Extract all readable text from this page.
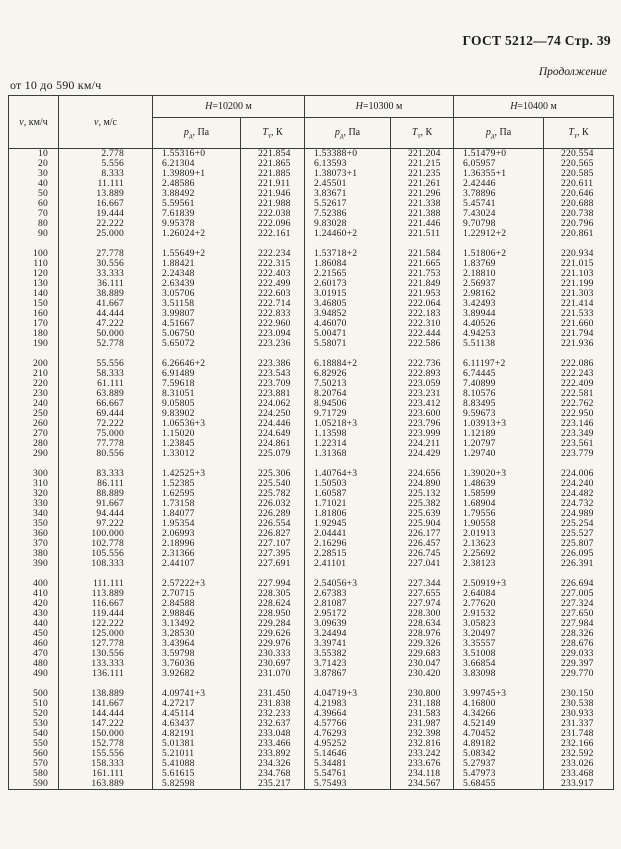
ГОСТ 5212—74 Стр. 39
Продолжение
от 10 до 590 км/ч
v, км/ч	v, м/с	H=10200 м		H=10300 м		H=10400 м	
		$p_д$, Па	$T_т$, К	$p_д$, Па	$T_т$, К	$p_д$, Па	$T_т$, К
10	2.778	1.55316+0	221.854	1.53388+0	221.204	1.51479+0	220.554
20	5.556	6.21304	221.865	6.13593	221.215	6.05957	220.565
30	8.333	1.39809+1	221.885	1.38073+1	221.235	1.36355+1	220.585
40	11.111	2.48586	221.911	2.45501	221.261	2.42446	220.611
50	13.889	3.88492	221.946	3.83671	221.296	3.78896	220.646
60	16.667	5.59561	221.988	5.52617	221.338	5.45741	220.688
70	19.444	7.61839	222.038	7.52386	221.388	7.43024	220.738
80	22.222	9.95378	222.096	9.83028	221.446	9.70798	220.796
90	25.000	1.26024+2	222.161	1.24460+2	221.511	1.22912+2	220.861

100	27.778	1.55649+2	222.234	1.53718+2	221.584	1.51806+2	220.934
110	30.556	1.88421	222.315	1.86084	221.665	1.83769	221.015
120	33.333	2.24348	222.403	2.21565	221.753	2.18810	221.103
130	36.111	2.63439	222.499	2.60173	221.849	2.56937	221.199
140	38.889	3.05706	222.603	3.01915	221.953	2.98162	221.303
150	41.667	3.51158	222.714	3.46805	222.064	3.42493	221.414
160	44.444	3.99807	222.833	3.94852	222.183	3.89944	221.533
170	47.222	4.51667	222.960	4.46070	222.310	4.40526	221.660
180	50.000	5.06750	223.094	5.00471	222.444	4.94253	221.794
190	52.778	5.65072	223.236	5.58071	222.586	5.51138	221.936

200	55.556	6.26646+2	223.386	6.18884+2	222.736	6.11197+2	222.086
210	58.333	6.91489	223.543	6.82926	222.893	6.74445	222.243
220	61.111	7.59618	223.709	7.50213	223.059	7.40899	222.409
230	63.889	8.31051	223.881	8.20764	223.231	8.10576	222.581
240	66.667	9.05805	224.062	8.94506	223.412	8.83495	222.762
250	69.444	9.83902	224.250	9.71729	223.600	9.59673	222.950
260	72.222	1.06536+3	224.446	1.05218+3	223.796	1.03913+3	223.146
270	75.000	1.15020	224.649	1.13598	223.999	1.12189	223.349
280	77.778	1.23845	224.861	1.22314	224.211	1.20797	223.561
290	80.556	1.33012	225.079	1.31368	224.429	1.29740	223.779

300	83.333	1.42525+3	225.306	1.40764+3	224.656	1.39020+3	224.006
310	86.111	1.52385	225.540	1.50503	224.890	1.48639	224.240
320	88.889	1.62595	225.782	1.60587	225.132	1.58599	224.482
330	91.667	1.73158	226.032	1.71021	225.382	1.68904	224.732
340	94.444	1.84077	226.289	1.81806	225.639	1.79556	224.989
350	97.222	1.95354	226.554	1.92945	225.904	1.90558	225.254
360	100.000	2.06993	226.827	2.04441	226.177	2.01913	225.527
370	102.778	2.18996	227.107	2.16296	226.457	2.13623	225.807
380	105.556	2.31366	227.395	2.28515	226.745	2.25692	226.095
390	108.333	2.44107	227.691	2.41101	227.041	2.38123	226.391

400	111.111	2.57222+3	227.994	2.54056+3	227.344	2.50919+3	226.694
410	113.889	2.70715	228.305	2.67383	227.655	2.64084	227.005
420	116.667	2.84588	228.624	2.81087	227.974	2.77620	227.324
430	119.444	2.98846	228.950	2.95172	228.300	2.91532	227.650
440	122.222	3.13492	229.284	3.09639	228.634	3.05823	227.984
450	125.000	3.28530	229.626	3.24494	228.976	3.20497	228.326
460	127.778	3.43964	229.976	3.39741	229.326	3.35557	228.676
470	130.556	3.59798	230.333	3.55382	229.683	3.51008	229.033
480	133.333	3.76036	230.697	3.71423	230.047	3.66854	229.397
490	136.111	3.92682	231.070	3.87867	230.420	3.83098	229.770

500	138.889	4.09741+3	231.450	4.04719+3	230.800	3.99745+3	230.150
510	141.667	4.27217	231.838	4.21983	231.188	4.16800	230.538
520	144.444	4.45114	232.233	4.39664	231.583	4.34266	230.933
530	147.222	4.63437	232.637	4.57766	231.987	4.52149	231.337
540	150.000	4.82191	233.048	4.76293	232.398	4.70452	231.748
550	152.778	5.01381	233.466	4.95252	232.816	4.89182	232.166
560	155.556	5.21011	233.892	5.14646	233.242	5.08342	232.592
570	158.333	5.41088	234.326	5.34481	233.676	5.27937	233.026
580	161.111	5.61615	234.768	5.54761	234.118	5.47973	233.468
590	163.889	5.82598	235.217	5.75493	234.567	5.68455	233.917
